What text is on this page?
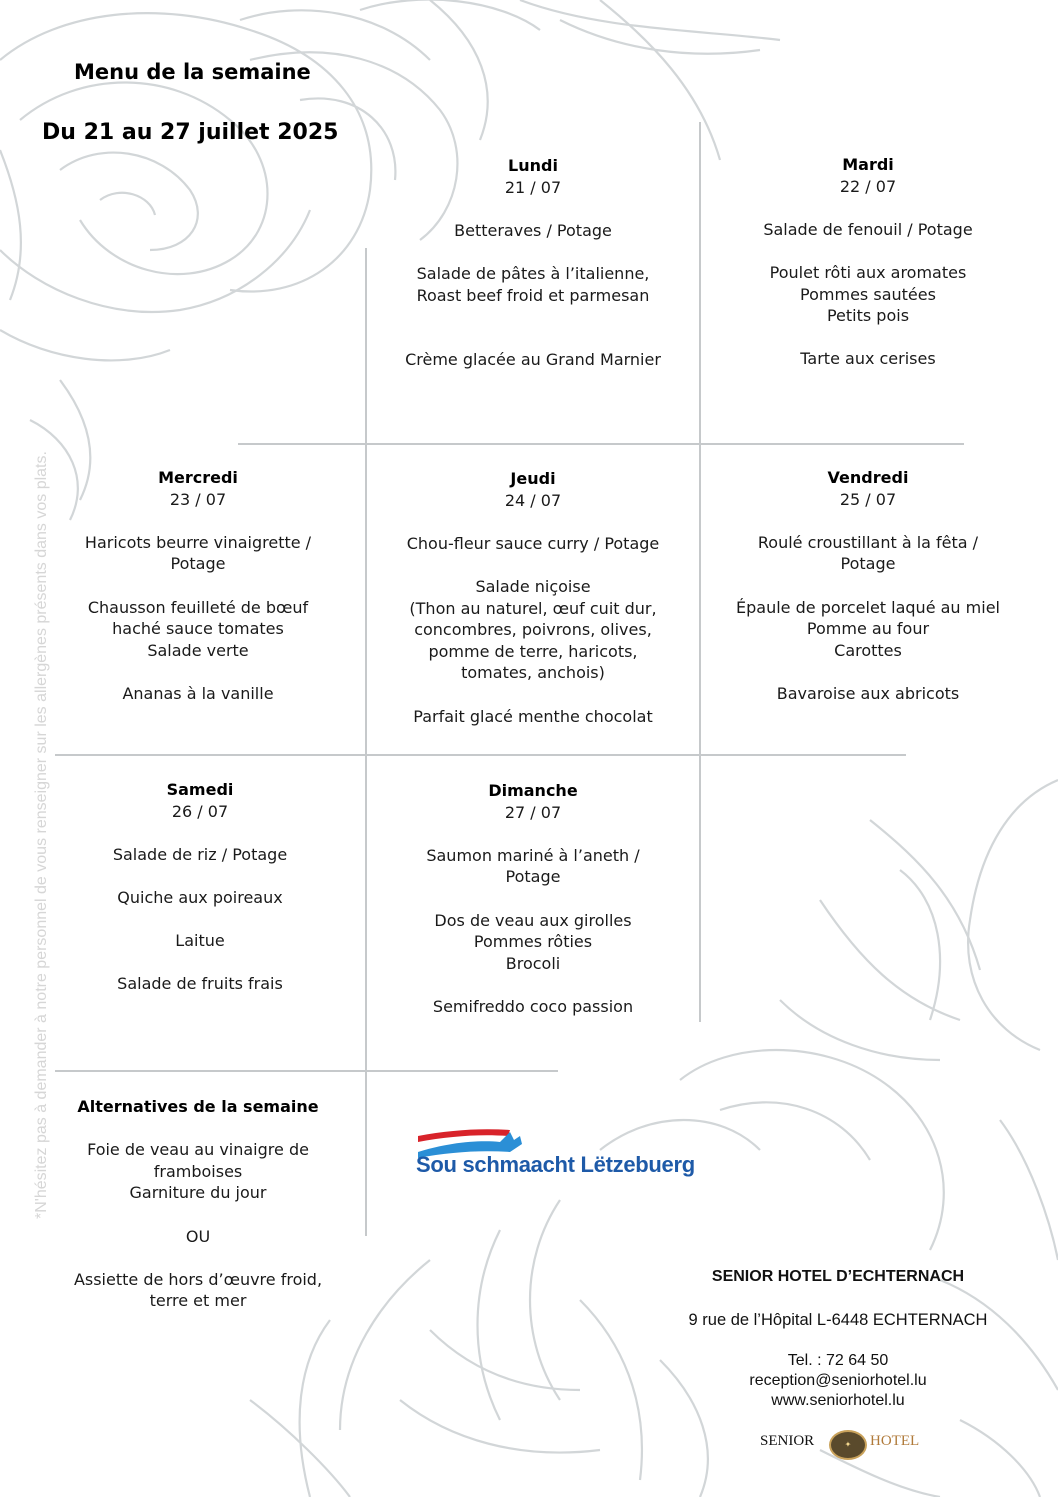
Menu de la semaine
Du 21 au 27 juillet 2025

Lundi

21 / 07

Betteraves / Potage

Salade de pâtes à l’italienne,

Roast beef froid et parmesan

Crème glacée au Grand Marnier

Mardi

22 / 07

Salade de fenouil / Potage

Poulet rôti aux aromates

Pommes sautées

Petits pois

Tarte aux cerises

Mercredi

23 / 07

Haricots beurre vinaigrette /

Potage

Chausson feuilleté de bœuf

haché sauce tomates

Salade verte

Ananas à la vanille

Jeudi

24 / 07

Chou-fleur sauce curry / Potage

Salade niçoise

(Thon au naturel, œuf cuit dur,

concombres, poivrons, olives,

pomme de terre, haricots,

tomates, anchois)

Parfait glacé menthe chocolat

Vendredi

25 / 07

Roulé croustillant à la fêta /

Potage

Épaule de porcelet laqué au miel

Pomme au four

Carottes

Bavaroise aux abricots

Samedi

26 / 07

Salade de riz / Potage

Quiche aux poireaux

Laitue

Salade de fruits frais

Dimanche

27 / 07

Saumon mariné à l’aneth /

Potage

Dos de veau aux girolles

Pommes rôties

Brocoli

Semifreddo coco passion

Alternatives de la semaine

Foie de veau au vinaigre de

framboises

Garniture du jour

OU

Assiette de hors d’œuvre froid,

terre et mer

Sou schmaacht Lëtzebuerg
*N'hésitez pas à demander à notre personnel de vous renseigner sur les allergènes présents dans vos plats.
SENIOR HOTEL D’ECHTERNACH
9 rue de l’Hôpital L-6448 ECHTERNACH
Tel. : 72 64 50
reception@seniorhotel.lu
www.seniorhotel.lu
SENIOR	✦	HOTEL
